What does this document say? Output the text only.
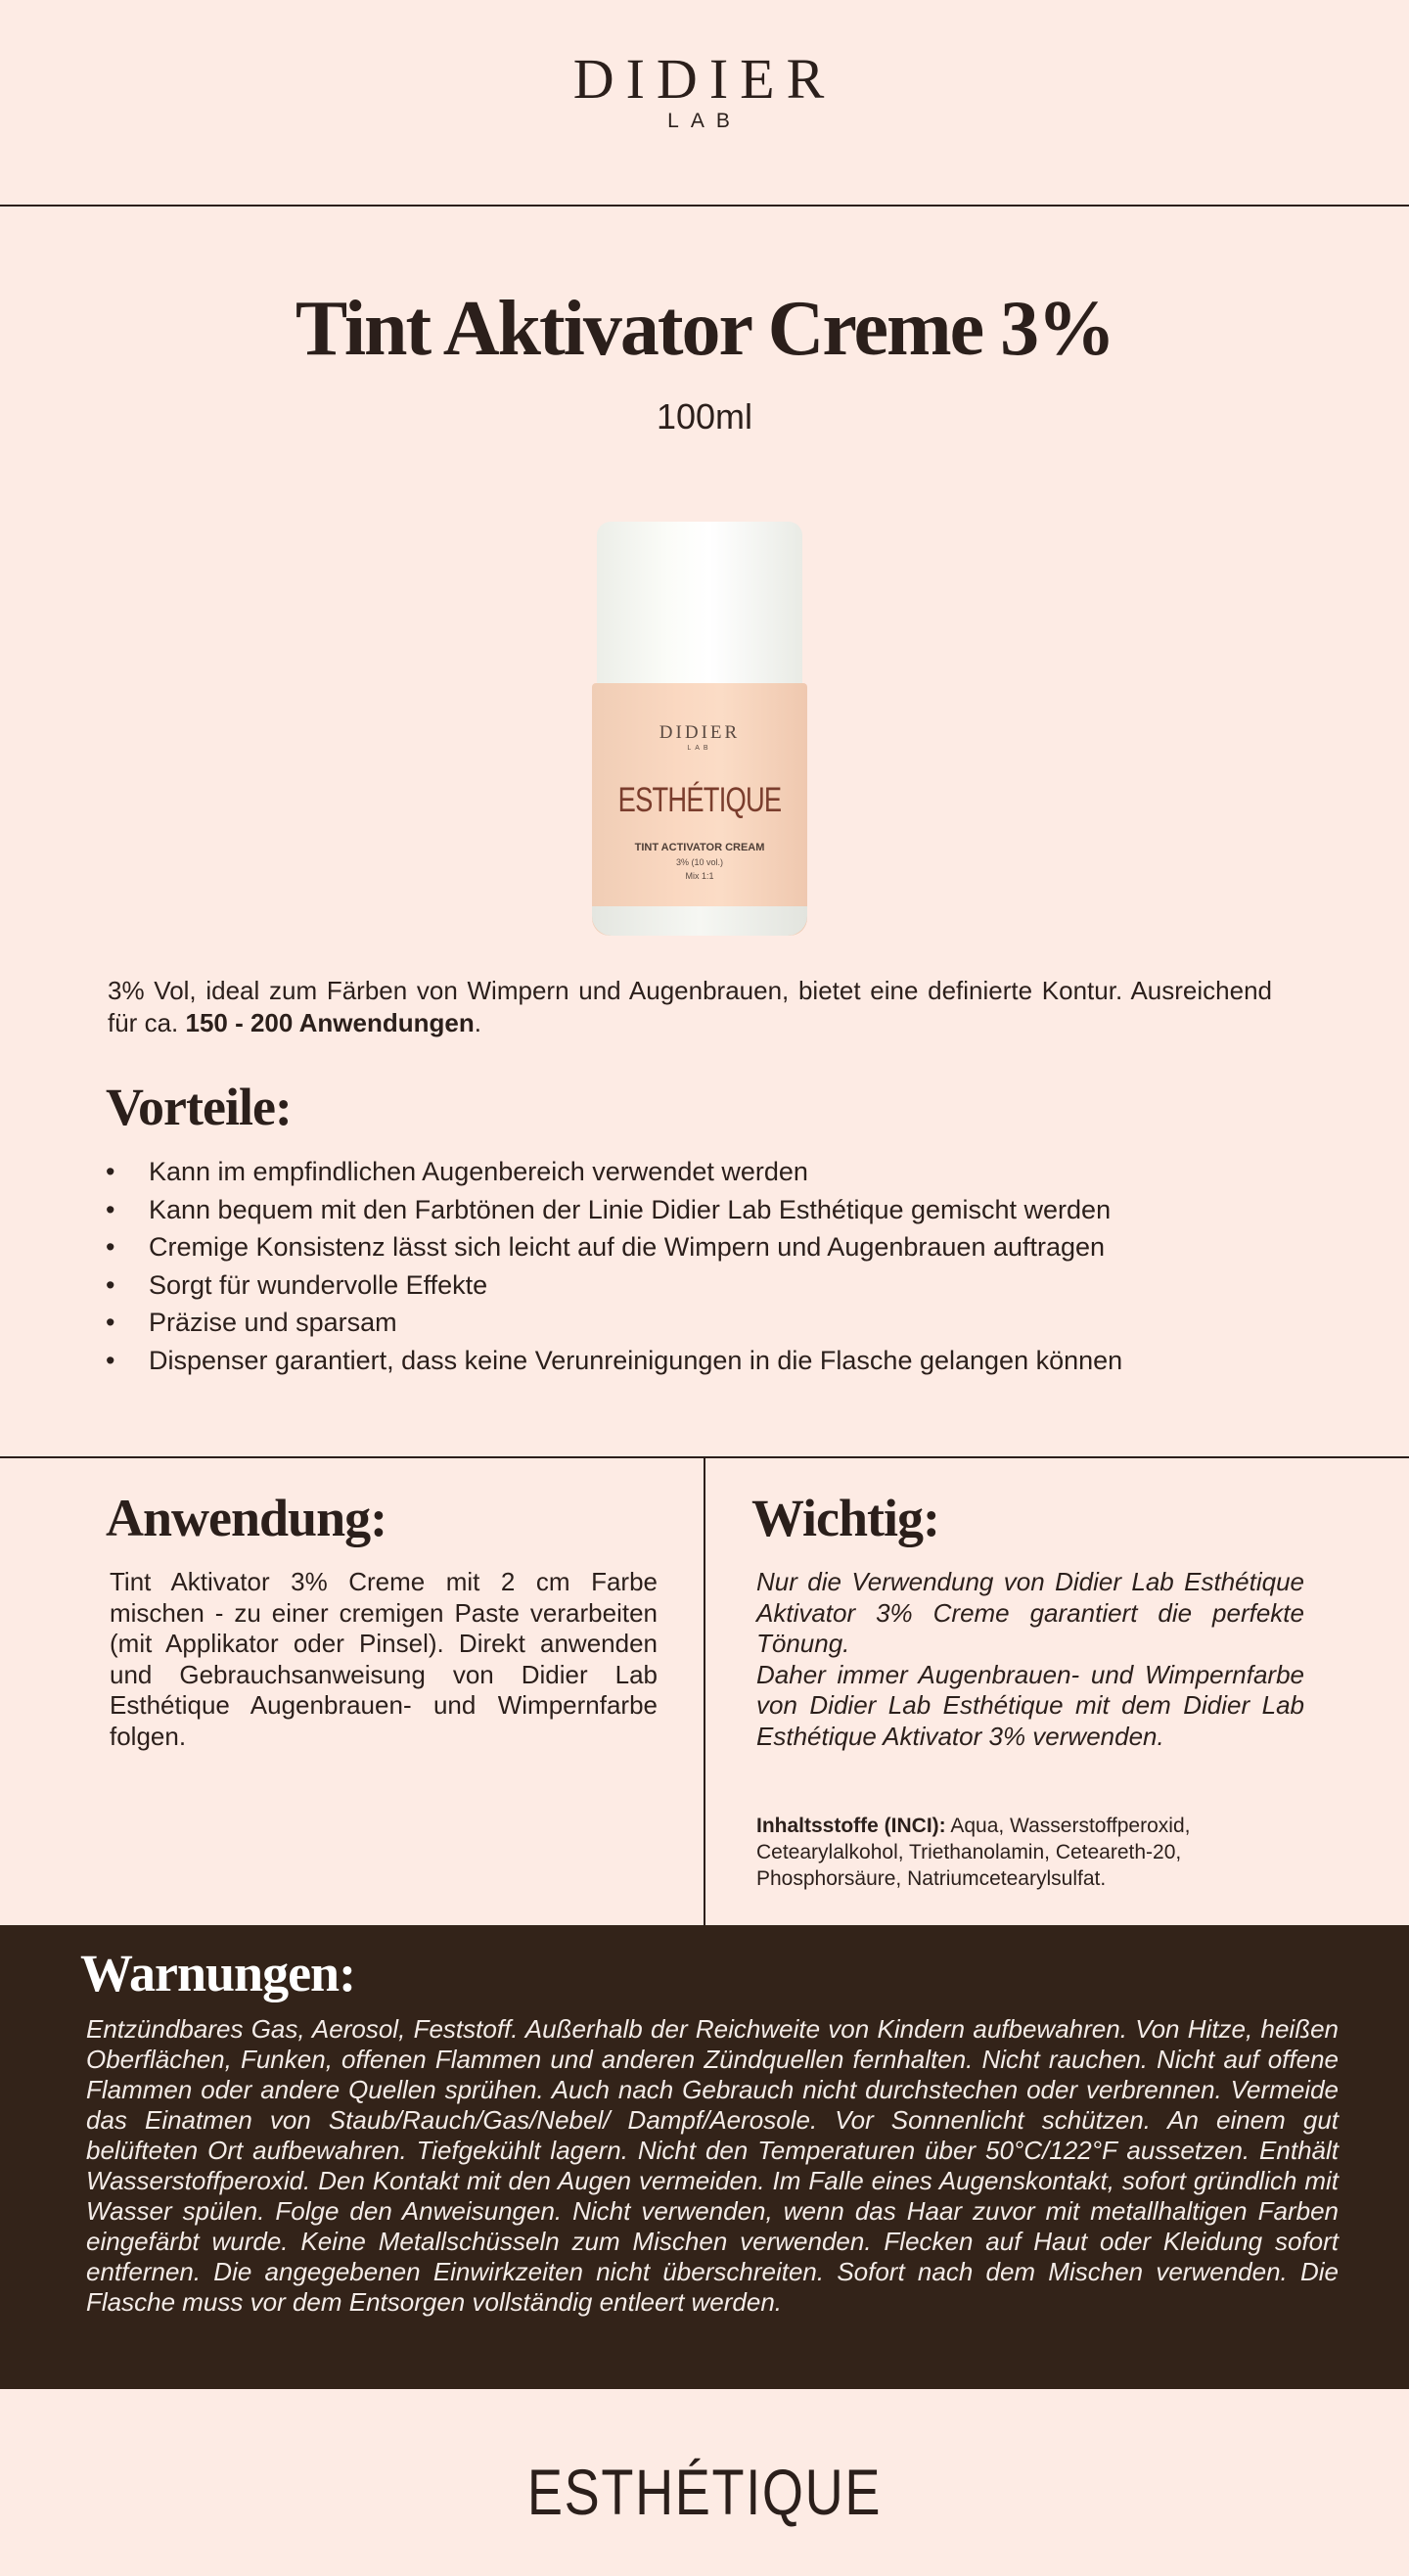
DIDIER
LAB
Tint Aktivator Creme 3%
100ml
DIDIER
LAB
ESTHÉTIQUE
TINT ACTIVATOR CREAM
3% (10 vol.)
Mix 1:1

3% Vol, ideal zum Färben von Wimpern und Augenbrauen, bietet eine definierte Kontur. Ausreichend für ca. 150 - 200 Anwendungen.

Vorteile:
• Kann im empfindlichen Augenbereich verwendet werden
• Kann bequem mit den Farbtönen der Linie Didier Lab Esthétique gemischt werden
• Cremige Konsistenz lässt sich leicht auf die Wimpern und Augenbrauen auftragen
• Sorgt für wundervolle Effekte
• Präzise und sparsam
• Dispenser garantiert, dass keine Verunreinigungen in die Flasche gelangen können
Anwendung:

Tint Aktivator 3% Creme mit 2 cm Farbe mischen - zu einer cremigen Paste verarbeiten (mit Applikator oder Pinsel). Direkt anwenden und Gebrauchsanweisung von Didier Lab Esthétique Augenbrauen- und Wimpernfarbe folgen.

Wichtig:
Nur die Verwendung von Didier Lab Esthétique Aktivator 3% Creme garantiert die perfekte Tönung.
Daher immer Augenbrauen- und Wimpernfarbe von Didier Lab Esthétique mit dem Didier Lab Esthétique Aktivator 3% verwenden.

Inhaltsstoffe (INCI): Aqua, Wasserstoffperoxid, Cetearylalkohol, Triethanolamin, Ceteareth-20, Phosphorsäure, Natriumcetearylsulfat.

Warnungen:

Entzündbares Gas, Aerosol, Feststoff. Außerhalb der Reichweite von Kindern aufbewahren. Von Hitze, heißen Oberflächen, Funken, offenen Flammen und anderen Zündquellen fernhalten. Nicht rauchen. Nicht auf offene Flammen oder andere Quellen sprühen. Auch nach Gebrauch nicht durchstechen oder verbrennen. Vermeide das Einatmen von Staub/Rauch/Gas/Nebel/ Dampf/Aerosole. Vor Sonnenlicht schützen. An einem gut belüfteten Ort aufbewahren. Tiefgekühlt lagern. Nicht den Temperaturen über 50°C/122°F aussetzen. Enthält Wasserstoffperoxid. Den Kontakt mit den Augen vermeiden. Im Falle eines Augenskontakt, sofort gründlich mit Wasser spülen. Folge den Anweisungen. Nicht verwenden, wenn das Haar zuvor mit metallhaltigen Farben eingefärbt wurde. Keine Metallschüsseln zum Mischen verwenden. Flecken auf Haut oder Kleidung sofort entfernen. Die angegebenen Einwirkzeiten nicht überschreiten. Sofort nach dem Mischen verwenden. Die Flasche muss vor dem Entsorgen vollständig entleert werden.

ESTHÉTIQUE
